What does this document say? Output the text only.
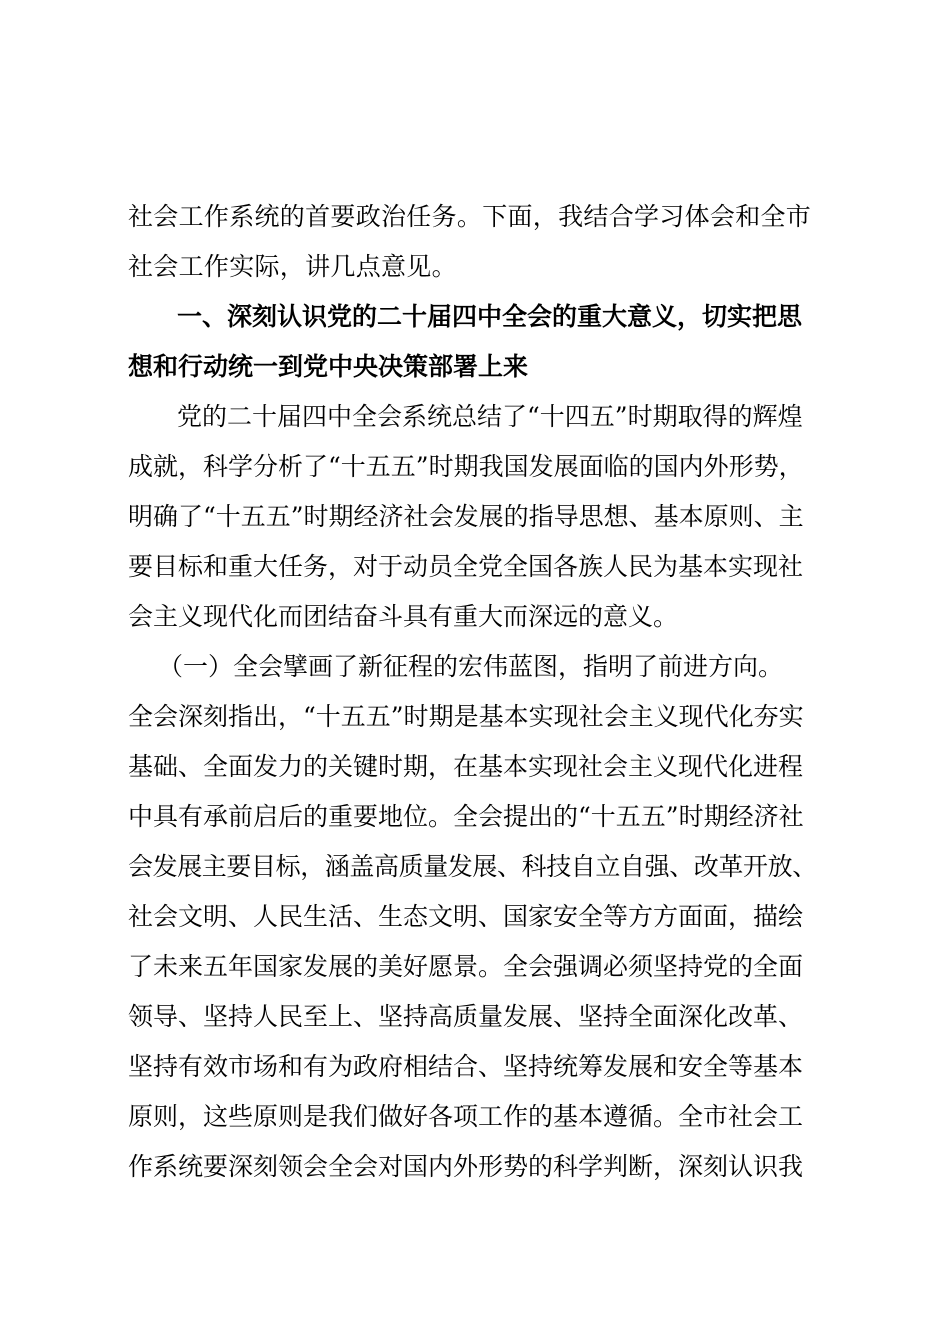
社会工作系统的首要政治任务。下面，我结合学习体会和全市
社会工作实际，讲几点意见。
一、深刻认识党的二十届四中全会的重大意义，切实把思
想和行动统一到党中央决策部署上来
党的二十届四中全会系统总结了“十四五”时期取得的辉煌
成就，科学分析了“十五五”时期我国发展面临的国内外形势，
明确了“十五五”时期经济社会发展的指导思想、基本原则、主
要目标和重大任务，对于动员全党全国各族人民为基本实现社
会主义现代化而团结奋斗具有重大而深远的意义。
（一）全会擘画了新征程的宏伟蓝图，指明了前进方向。
全会深刻指出，“十五五”时期是基本实现社会主义现代化夯实
基础、全面发力的关键时期，在基本实现社会主义现代化进程
中具有承前启后的重要地位。全会提出的“十五五”时期经济社
会发展主要目标，涵盖高质量发展、科技自立自强、改革开放、
社会文明、人民生活、生态文明、国家安全等方方面面，描绘
了未来五年国家发展的美好愿景。全会强调必须坚持党的全面
领导、坚持人民至上、坚持高质量发展、坚持全面深化改革、
坚持有效市场和有为政府相结合、坚持统筹发展和安全等基本
原则，这些原则是我们做好各项工作的基本遵循。全市社会工
作系统要深刻领会全会对国内外形势的科学判断，深刻认识我
